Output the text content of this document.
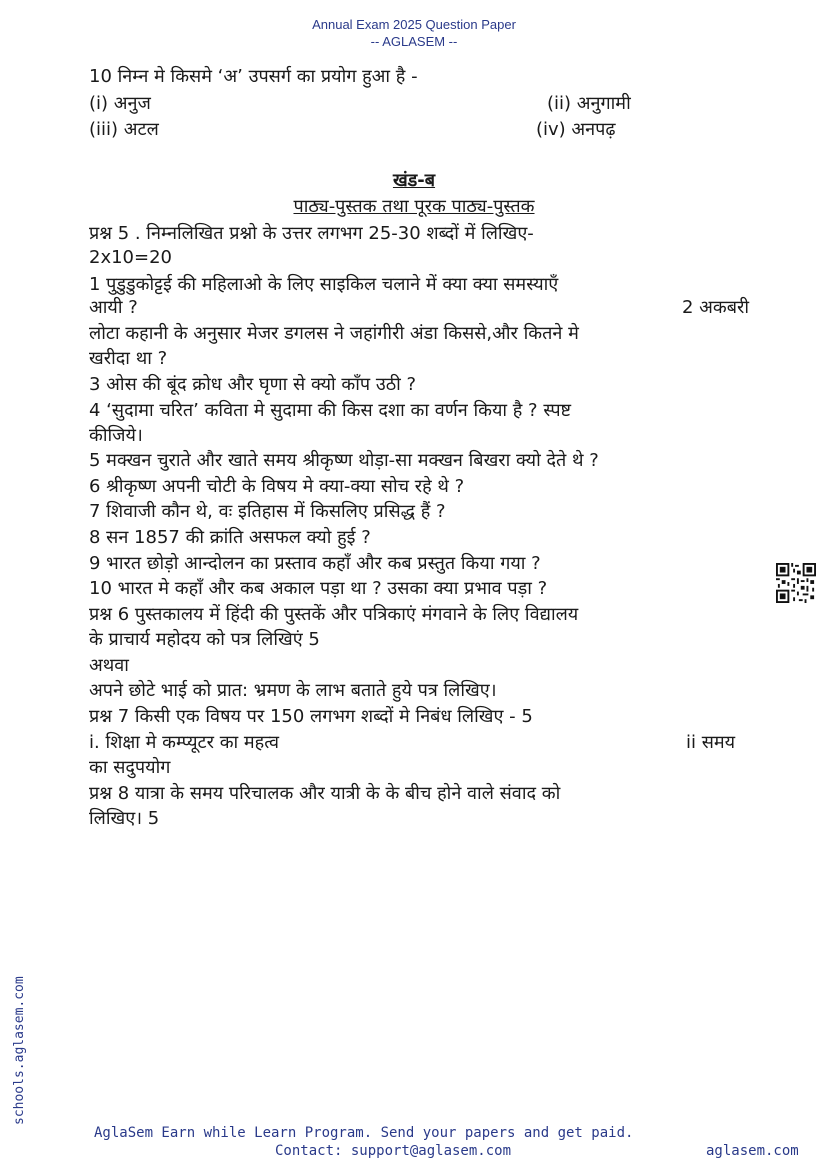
Annual Exam 2025 Question Paper
-- AGLASEM --
10 निम्न मे किसमे ‘अ’ उपसर्ग का प्रयोग हुआ है -
(i) अनुज	(ii) अनुगामी
(iii) अटल	(iv) अनपढ़
खंड-ब
पाठ्य-पुस्तक तथा पूरक पाठ्य-पुस्तक
प्रश्न 5 . निम्नलिखित प्रश्नो के उत्तर लगभग 25-30 शब्दों में लिखिए-
2x10=20
1 पुडुडुकोट्टई की महिलाओ के लिए साइकिल चलाने में क्या क्या समस्याएँ
आयी ?	2 अकबरी
लोटा कहानी के अनुसार मेजर डगलस ने जहांगीरी अंडा किससे,और कितने मे
खरीदा था ?
3 ओस की बूंद क्रोध और घृणा से क्यो काँप उठी ?
4 ‘सुदामा चरित’ कविता मे सुदामा की किस दशा का वर्णन किया है ? स्पष्ट
कीजिये।
5 मक्खन चुराते और खाते समय श्रीकृष्ण थोड़ा-सा मक्खन बिखरा क्यो देते थे ?
6 श्रीकृष्ण अपनी चोटी के विषय मे क्या-क्या सोच रहे थे ?
7 शिवाजी कौन थे, वः इतिहास में किसलिए प्रसिद्ध हैं ?
8 सन 1857 की क्रांति असफल क्यो हुई ?
9 भारत छोड़ो आन्दोलन का प्रस्ताव कहाँ और कब प्रस्तुत किया गया ?
10 भारत मे कहाँ और कब अकाल पड़ा था ? उसका क्या प्रभाव पड़ा ?
प्रश्न 6 पुस्तकालय में हिंदी की पुस्तकें और पत्रिकाएं मंगवाने के लिए विद्यालय
के प्राचार्य महोदय को पत्र लिखिएं 5
अथवा
अपने छोटे भाई को प्रात: भ्रमण के लाभ बताते हुये पत्र लिखिए।
प्रश्न 7 किसी एक विषय पर 150 लगभग शब्दों मे निबंध लिखिए - 5
i. शिक्षा मे कम्प्यूटर का महत्व	ii समय
का सदुपयोग
प्रश्न 8 यात्रा के समय परिचालक और यात्री के के बीच होने वाले संवाद को
लिखिए। 5
schools.aglasem.com
AglaSem Earn while Learn Program. Send your papers and get paid.
Contact: support@aglasem.com	aglasem.com
